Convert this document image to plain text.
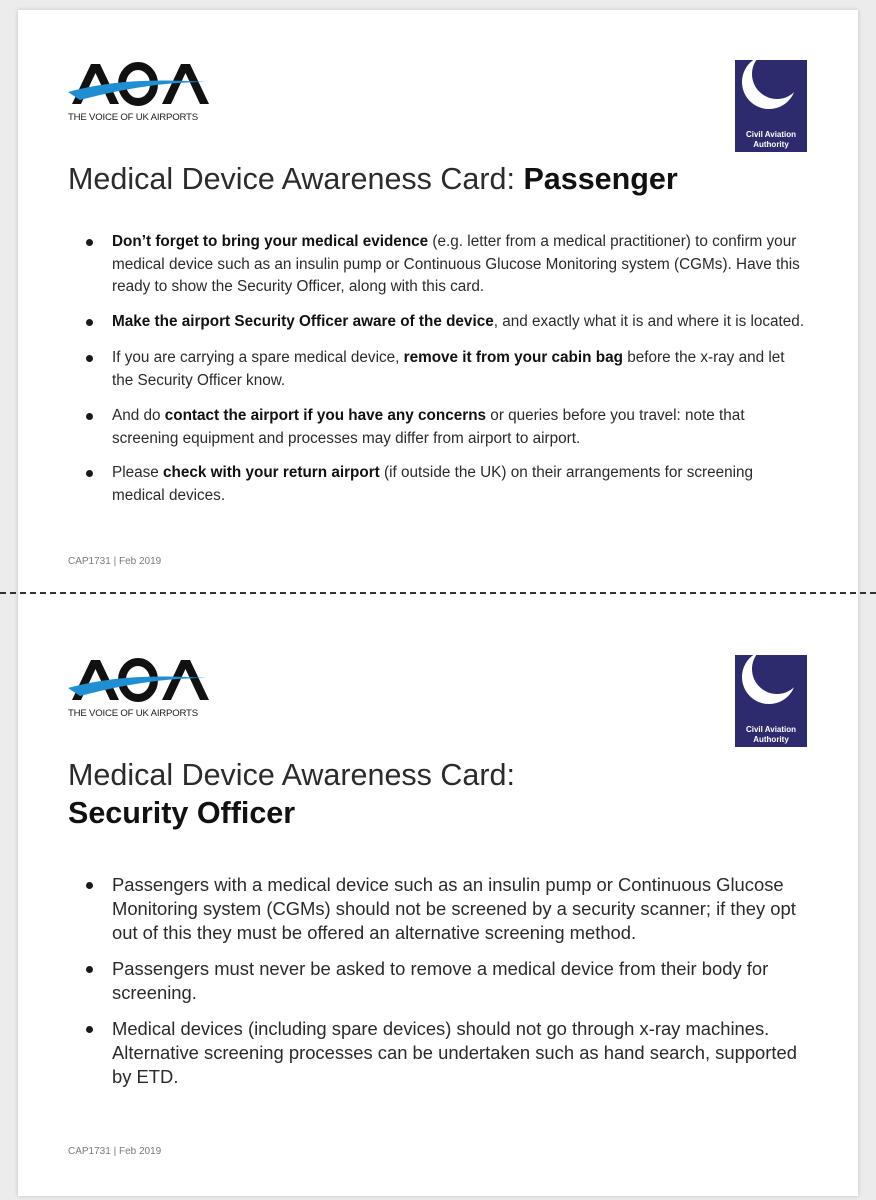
THE VOICE OF UK AIRPORTS
Civil Aviation
Authority
Medical Device Awareness Card: Passenger
Don’t forget to bring your medical evidence (e.g. letter from a medical practitioner) to confirm your medical device such as an insulin pump or Continuous Glucose Monitoring system (CGMs). Have this ready to show the Security Officer, along with this card.
Make the airport Security Officer aware of the device, and exactly what it is and where it is located.
If you are carrying a spare medical device, remove it from your cabin bag before the x-ray and let the Security Officer know.
And do contact the airport if you have any concerns or queries before you travel: note that screening equipment and processes may differ from airport to airport.
Please check with your return airport (if outside the UK) on their arrangements for screening medical devices.
CAP1731 | Feb 2019
THE VOICE OF UK AIRPORTS
Civil Aviation
Authority
Medical Device Awareness Card:
Security Officer
Passengers with a medical device such as an insulin pump or Continuous Glucose Monitoring system (CGMs) should not be screened by a security scanner; if they opt out of this they must be offered an alternative screening method.
Passengers must never be asked to remove a medical device from their body for screening.
Medical devices (including spare devices) should not go through x-ray machines. Alternative screening processes can be undertaken such as hand search, supported by ETD.
CAP1731 | Feb 2019
